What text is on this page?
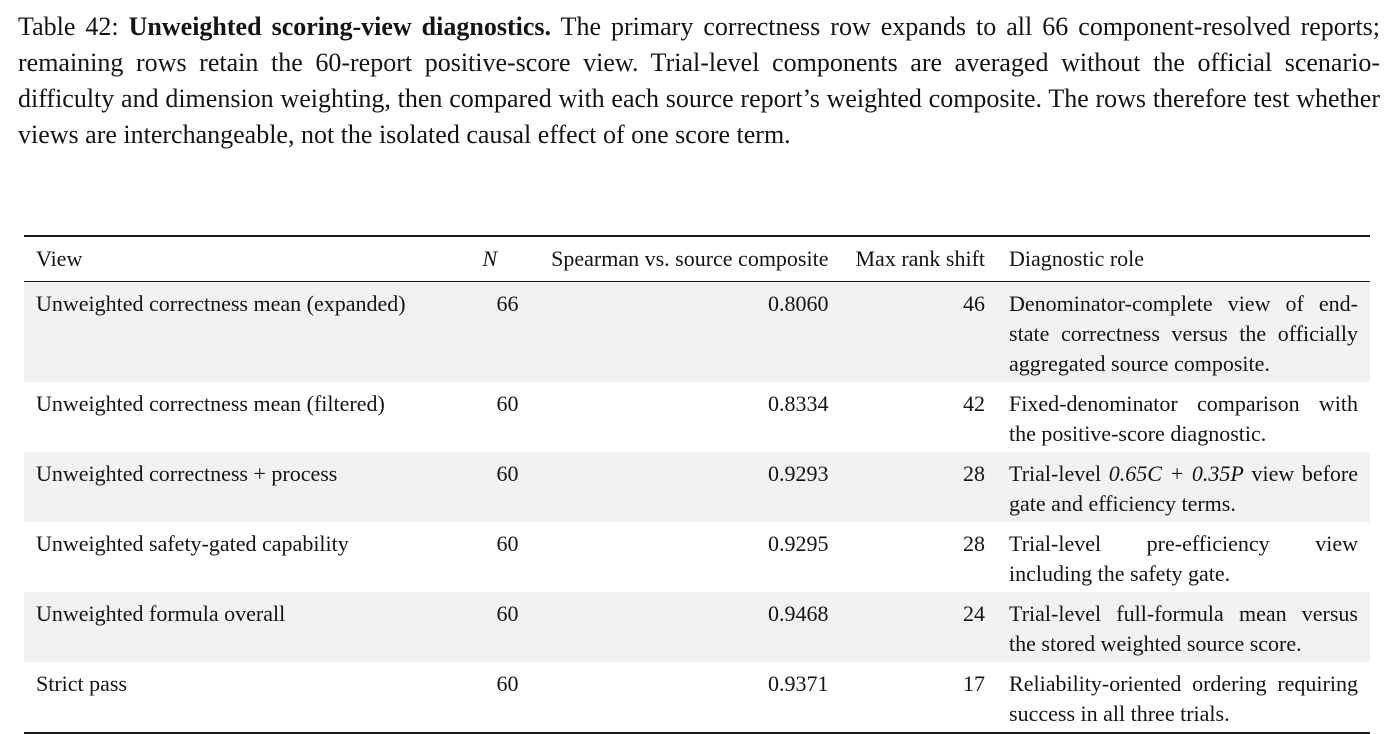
Table 42: Unweighted scoring-view diagnostics. The primary correctness row expands to all 66 component-resolved reports; remaining rows retain the 60-report positive-score view. Trial-level components are averaged without the official scenario-difficulty and dimension weighting, then compared with each source report’s weighted composite. The rows therefore test whether views are interchangeable, not the isolated causal effect of one score term.

View	N	Spearman vs. source composite	Max rank shift	Diagnostic role
Unweighted correctness mean (expanded)	66	0.8060	46	Denominator-complete view of end-state correctness versus the officially aggregated source composite.
Unweighted correctness mean (filtered)	60	0.8334	42	Fixed-denominator comparison with the positive-score diagnostic.
Unweighted correctness + process	60	0.9293	28	Trial-level 0.65C + 0.35P view before gate and efficiency terms.
Unweighted safety-gated capability	60	0.9295	28	Trial-level pre-efficiency view including the safety gate.
Unweighted formula overall	60	0.9468	24	Trial-level full-formula mean versus the stored weighted source score.
Strict pass	60	0.9371	17	Reliability-oriented ordering requiring success in all three trials.
